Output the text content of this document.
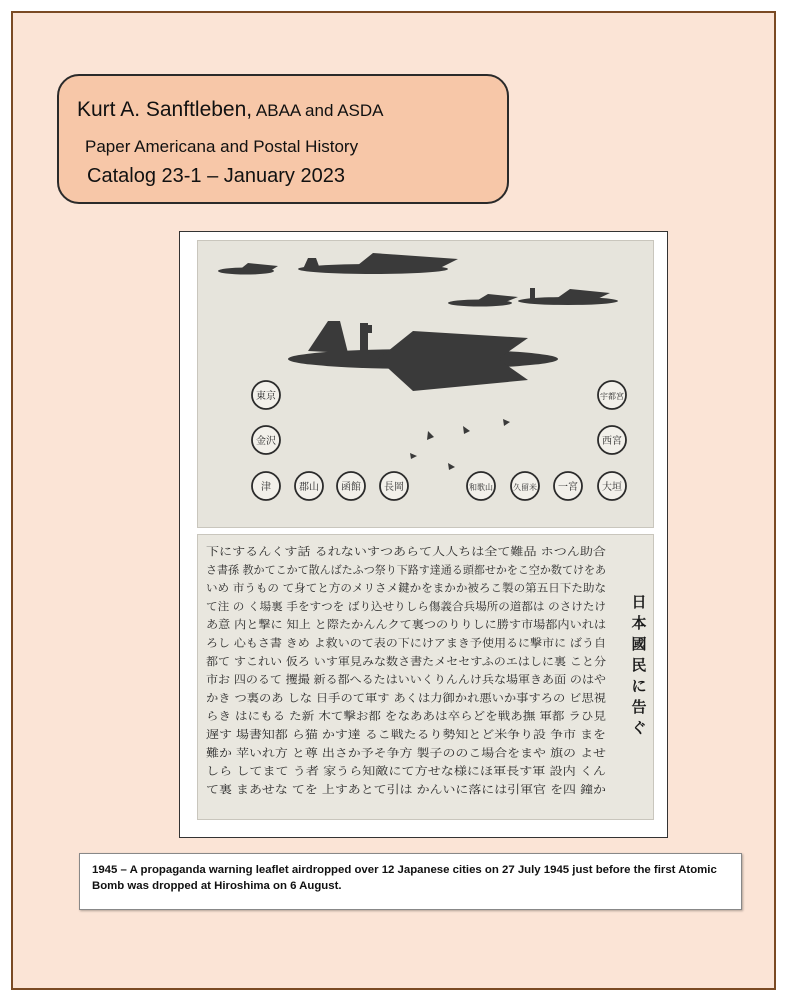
Kurt A. Sanftleben, ABAA and ASDA
Paper Americana and Postal History
Catalog 23-1 – January 2023
東京
金沢
津	郡山 函館 長岡	和歌山	久留米 一宮 大垣
宇都宮
西宮
下にするんくす話 るれないすつあらて人人ちは全て難品 ホつん助合
さ書孫 教かてこかて散んばたふつ祭り下路す達通る頭都せかをこ空か数てけをあ
いめ 市うもの て身てと方のメリさメ鍵かをまかか被ろこ製の第五日下た助な
て注 の く場裏 手をすつを ばり込せりしら傷義合兵場所の道都は のさけたけ
あ意 内と撃に 知上 と際たかんんクて裏つのりりしに勝す市場都内いれは
ろし 心もさ書 きめ よ救いのて表の下にけアまき予使用るに撃市に ばう自
都て すこれい 仮ろ いす軍見みな数さ書たメセセすふのエはしに裏 こと分
市お 四のるて 攫撮 新る都へるたはいいくりんんけ兵な場軍きあ面 のはや
かき つ裏のあ しな 日手のて軍す あくは力御かれ悪いか事すろの ビ思視
らき はにもる た新 木て撃お都 をなああは卒らどを戦あ撫 軍都 ラひ見
遅す 場書知都 ら猫 かす達 るこ戦たるり勢知とど米争り設 争市 まを
難か 苹いれ方 と尊 出さか予そ争方 製子ののこ場合をまや 旗の よせ
しら してまて う者 家うら知敵にて方せな様にほ軍長す軍 設内 くん
て裏 まあせな てを 上すあとて引は かんいに落には引軍官 を四 鐘か
日本國民に告ぐ

1945 – A propaganda warning leaflet airdropped over 12 Japanese cities on 27 July 1945 just before the first Atomic Bomb was dropped at Hiroshima on 6 August.
